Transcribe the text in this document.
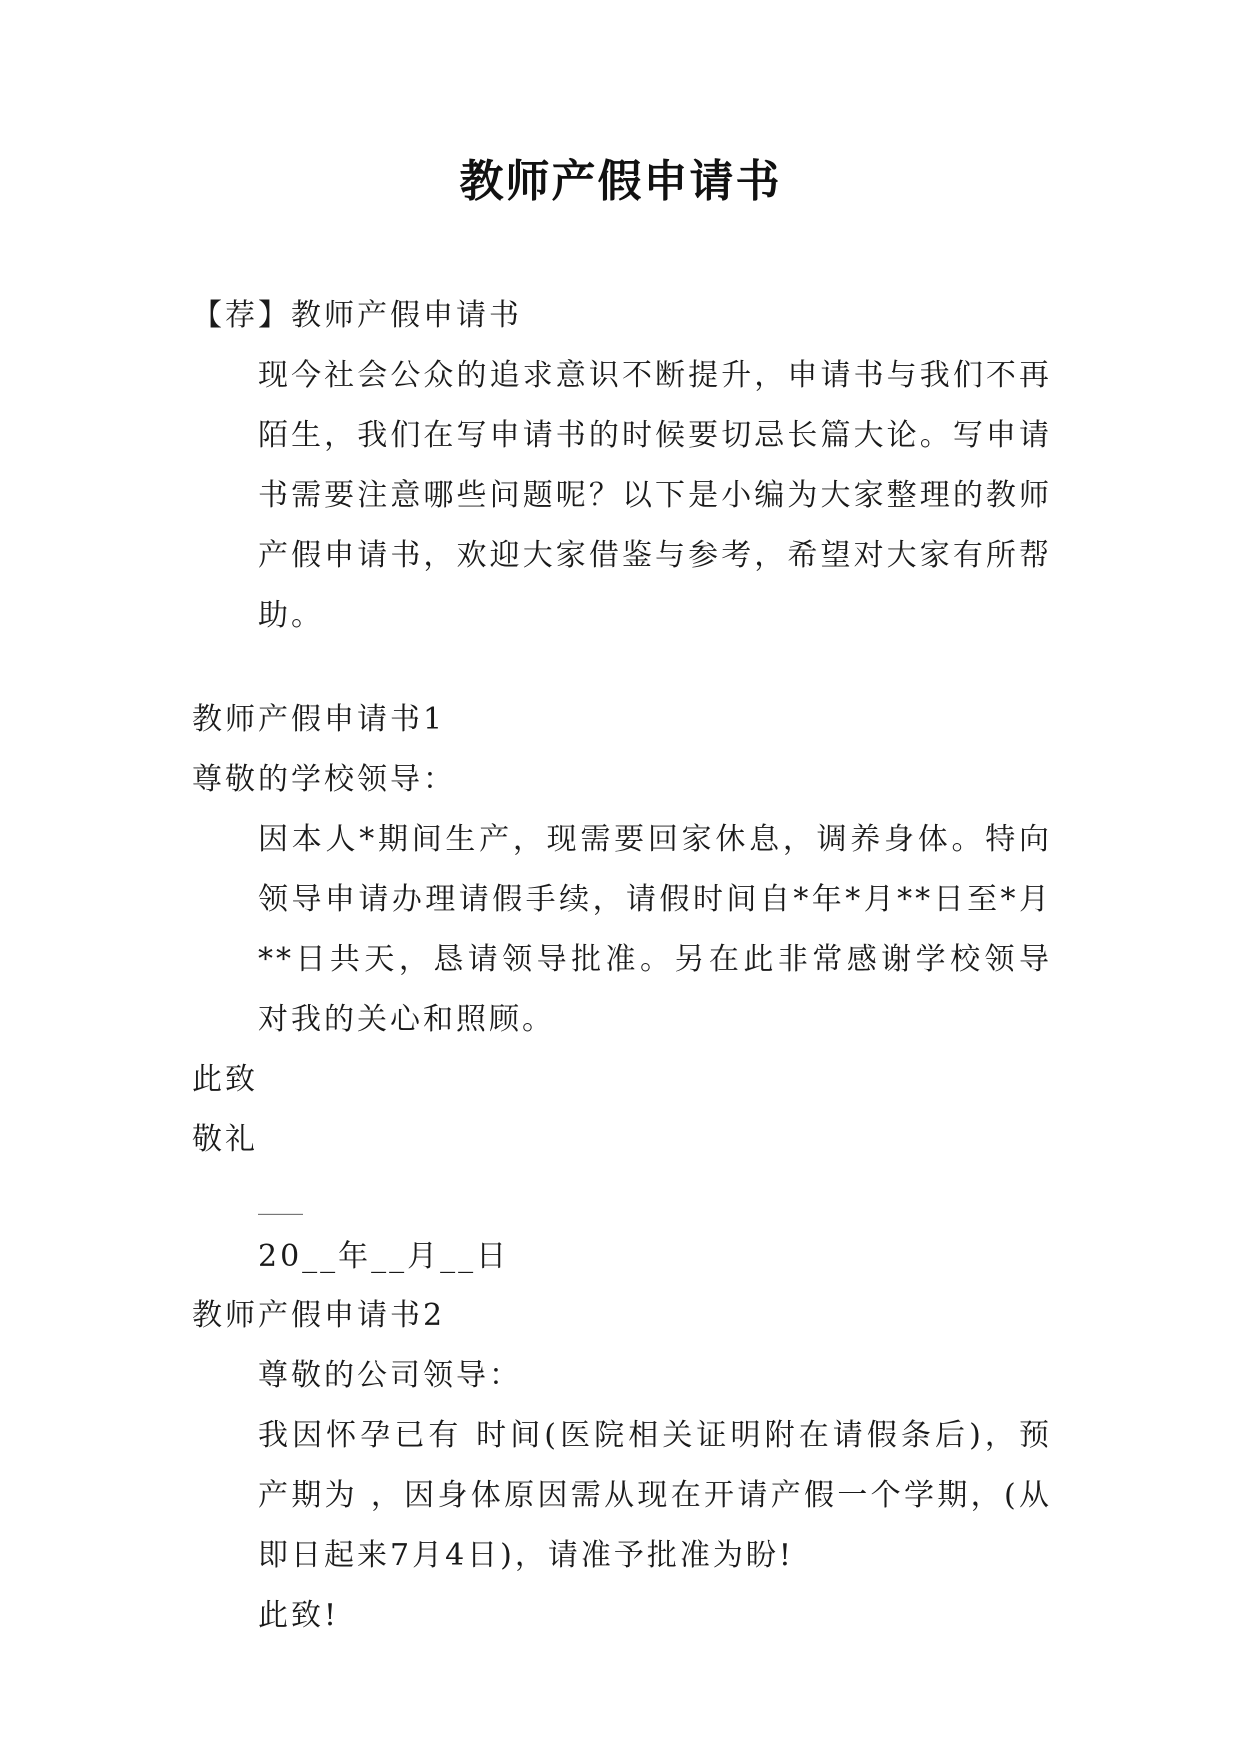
教师产假申请书
【荐】教师产假申请书

现今社会公众的追求意识不断提升，申请书与我们不再陌生，我们在写申请书的时候要切忌长篇大论。写申请书需要注意哪些问题呢？以下是小编为大家整理的教师产假申请书，欢迎大家借鉴与参考，希望对大家有所帮助。

教师产假申请书1
尊敬的学校领导：

因本人*期间生产，现需要回家休息，调养身体。特向领导申请办理请假手续，请假时间自*年*月**日至*月**日共天，恳请领导批准。另在此非常感谢学校领导对我的关心和照顾。

此致
敬礼
___
20__年__月__日
教师产假申请书2
尊敬的公司领导：

我因怀孕已有 时间(医院相关证明附在请假条后)，预产期为 ，因身体原因需从现在开请产假一个学期，(从即日起来7月4日)，请准予批准为盼!

此致!
